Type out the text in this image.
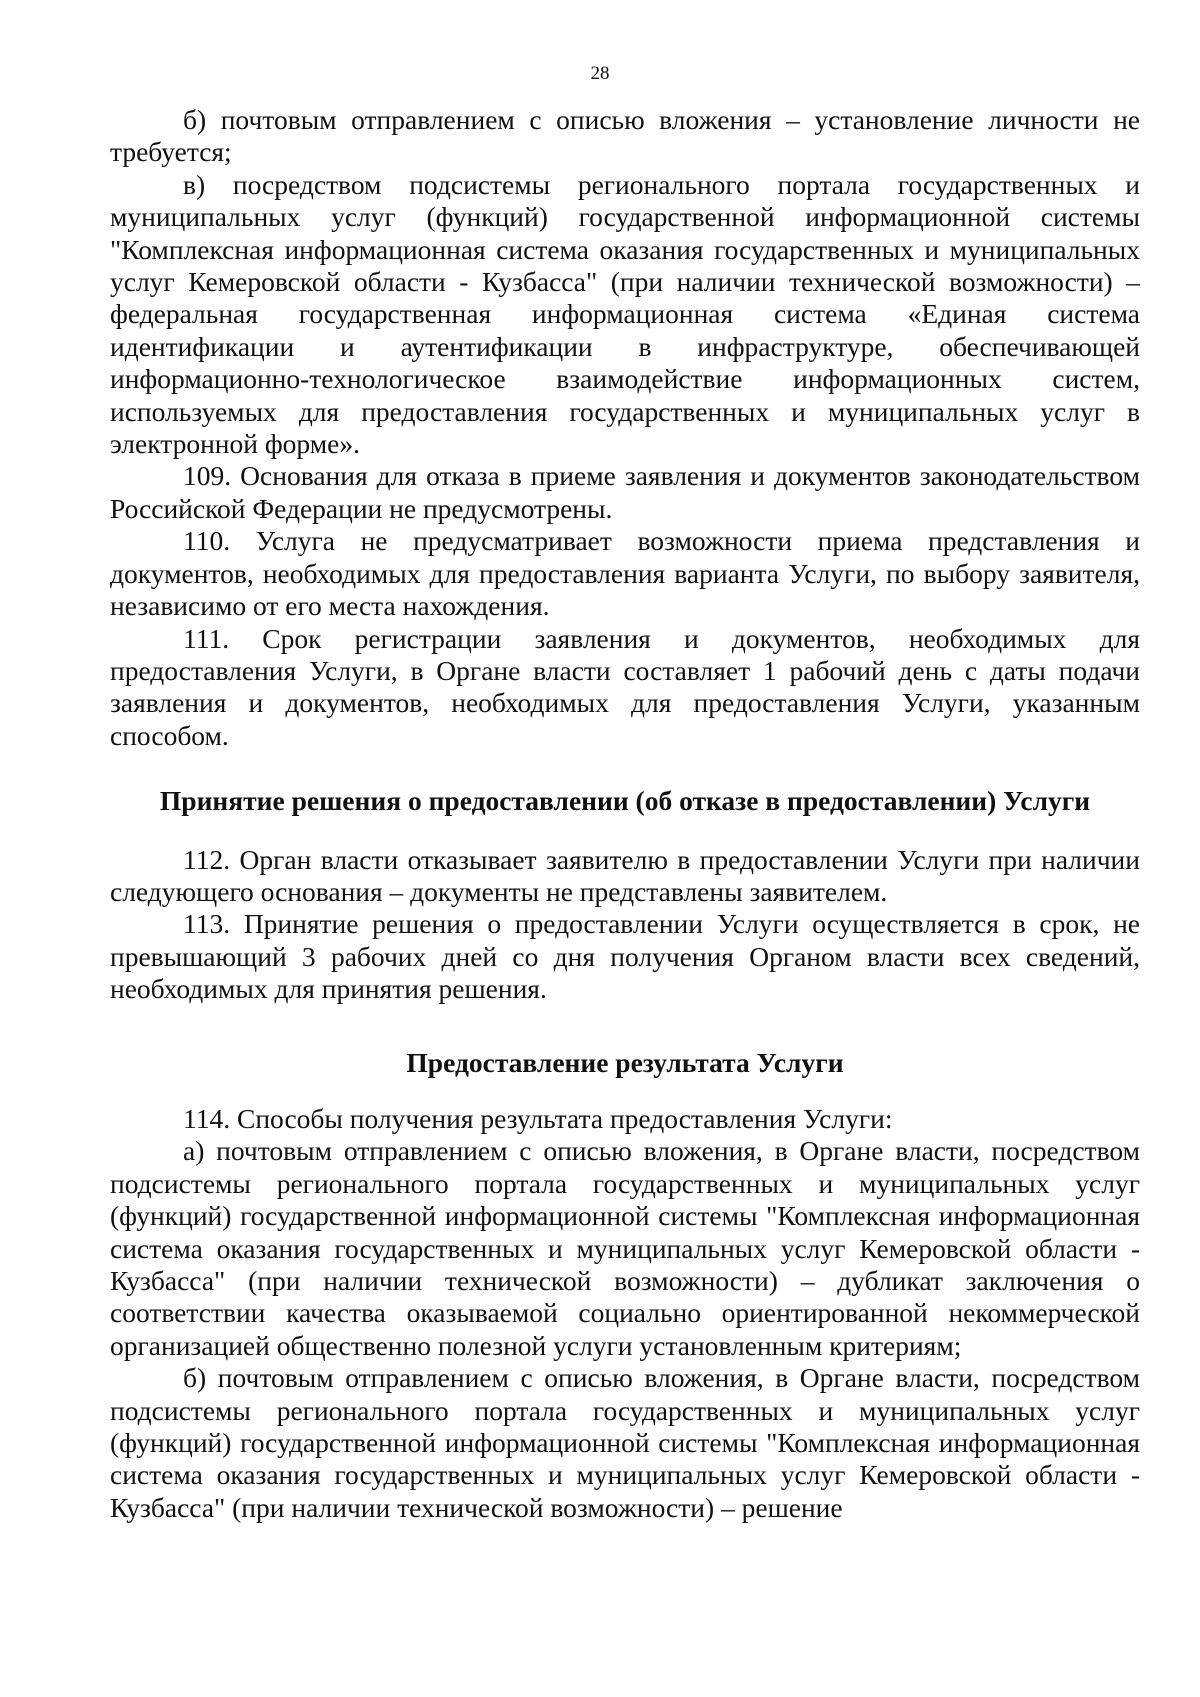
28

б) почтовым отправлением с описью вложения – установление личности не требуется;

в) посредством подсистемы регионального портала государственных и муниципальных услуг (функций) государственной информационной системы "Комплексная информационная система оказания государственных и муниципальных услуг Кемеровской области - Кузбасса" (при наличии технической возможности) – федеральная государственная информационная система «Единая система идентификации и аутентификации в инфраструктуре, обеспечивающей информационно-технологическое взаимодействие информационных систем, используемых для предоставления государственных и муниципальных услуг в электронной форме».

109. Основания для отказа в приеме заявления и документов законодательством Российской Федерации не предусмотрены.

110. Услуга не предусматривает возможности приема представления и документов, необходимых для предоставления варианта Услуги, по выбору заявителя, независимо от его места нахождения.

111. Срок регистрации заявления и документов, необходимых для предоставления Услуги, в Органе власти составляет 1 рабочий день с даты подачи заявления и документов, необходимых для предоставления Услуги, указанным способом.

Принятие решения о предоставлении (об отказе в предоставлении) Услуги

112. Орган власти отказывает заявителю в предоставлении Услуги при наличии следующего основания – документы не представлены заявителем.

113. Принятие решения о предоставлении Услуги осуществляется в срок, не превышающий 3 рабочих дней со дня получения Органом власти всех сведений, необходимых для принятия решения.

Предоставление результата Услуги

114. Способы получения результата предоставления Услуги:

а) почтовым отправлением с описью вложения, в Органе власти, посредством подсистемы регионального портала государственных и муниципальных услуг (функций) государственной информационной системы "Комплексная информационная система оказания государственных и муниципальных услуг Кемеровской области - Кузбасса" (при наличии технической возможности) – дубликат заключения о соответствии качества оказываемой социально ориентированной некоммерческой организацией общественно полезной услуги установленным критериям;

б) почтовым отправлением с описью вложения, в Органе власти, посредством подсистемы регионального портала государственных и муниципальных услуг (функций) государственной информационной системы "Комплексная информационная система оказания государственных и муниципальных услуг Кемеровской области - Кузбасса" (при наличии технической возможности) – решение
